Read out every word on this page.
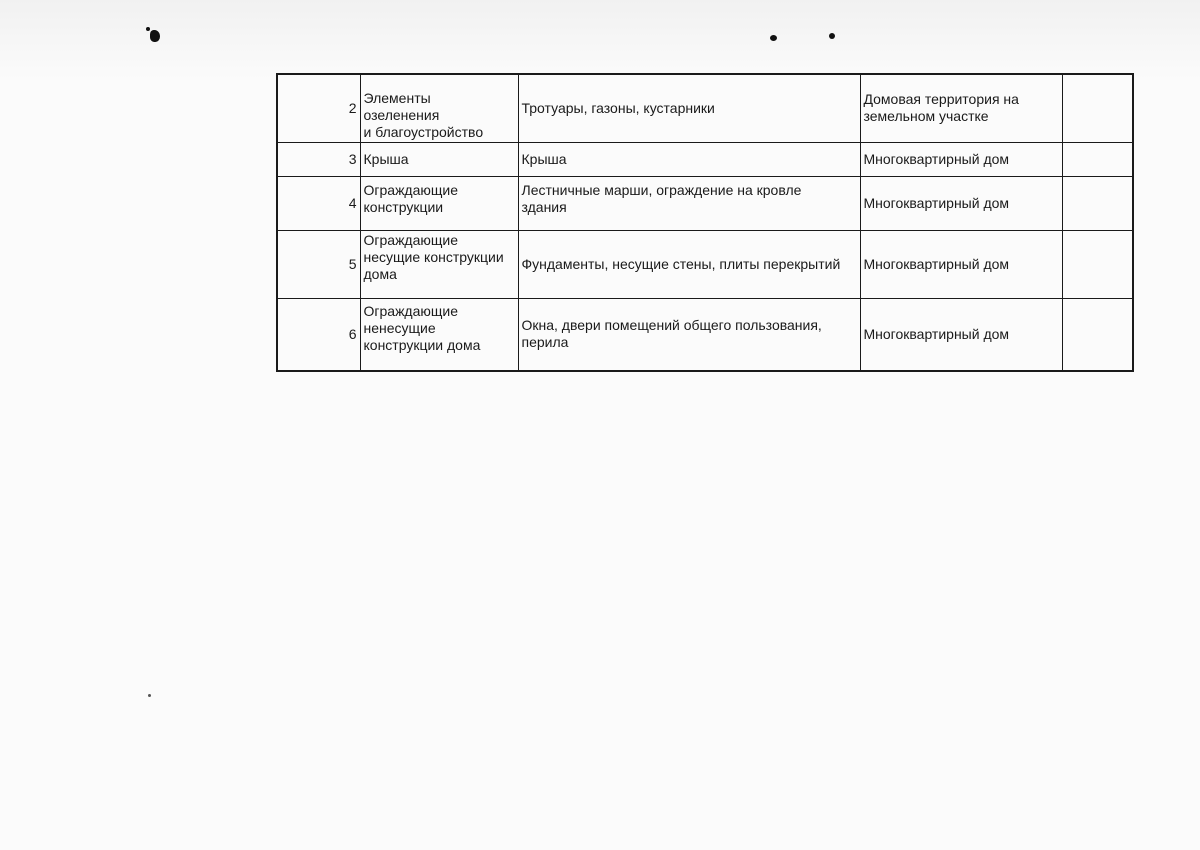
2	Элементы
озеленения
и благоустройство	Тротуары, газоны, кустарники	Домовая территория на
земельном участке	
3	Крыша	Крыша	Многоквартирный дом	
4	Ограждающие
конструкции	Лестничные марши, ограждение на кровле
здания	Многоквартирный дом	
5	Ограждающие
несущие конструкции
дома	Фундаменты, несущие стены, плиты перекрытий	Многоквартирный дом	
6	Ограждающие
ненесущие
конструкции дома	Окна, двери помещений общего пользования,
перила	Многоквартирный дом	
